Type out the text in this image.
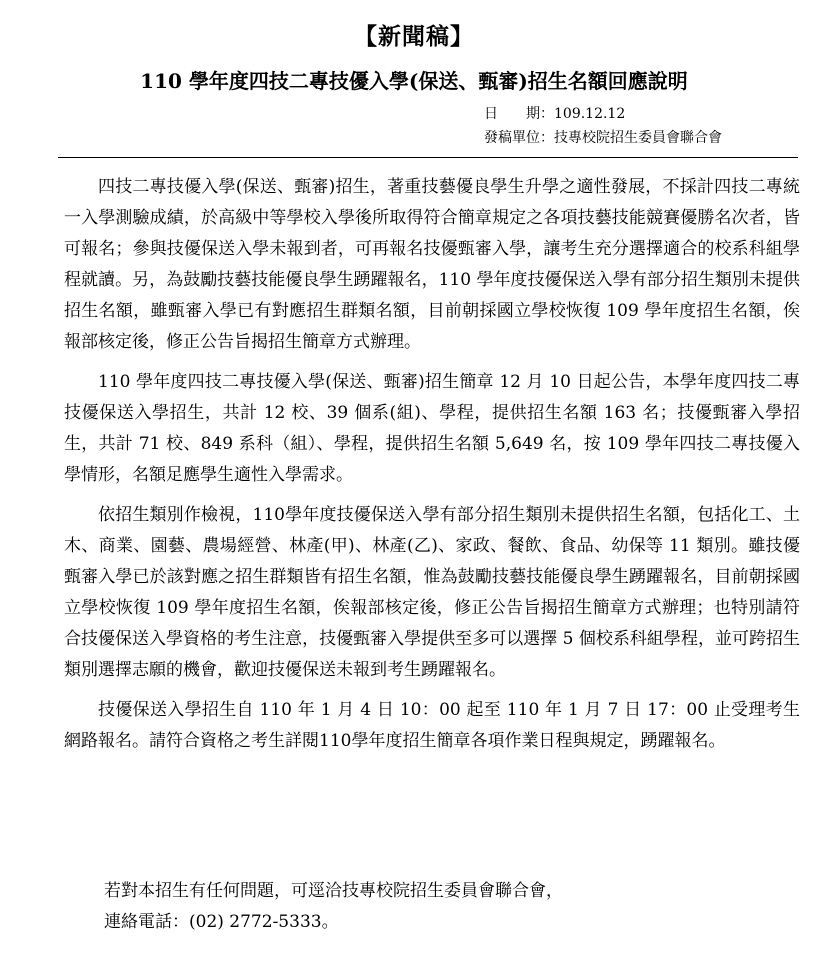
【新聞稿】
110 學年度四技二專技優入學(保送、甄審)招生名額回應說明
日　　期：109.12.12
發稿單位：技專校院招生委員會聯合會

四技二專技優入學(保送、甄審)招生，著重技藝優良學生升學之適性發展，不採計四技二專統一入學測驗成績，於高級中等學校入學後所取得符合簡章規定之各項技藝技能競賽優勝名次者，皆可報名；參與技優保送入學未報到者，可再報名技優甄審入學，讓考生充分選擇適合的校系科組學程就讀。另，為鼓勵技藝技能優良學生踴躍報名，110 學年度技優保送入學有部分招生類別未提供招生名額，雖甄審入學已有對應招生群類名額，目前朝採國立學校恢復 109 學年度招生名額，俟報部核定後，修正公告旨揭招生簡章方式辦理。

110 學年度四技二專技優入學(保送、甄審)招生簡章 12 月 10 日起公告，本學年度四技二專技優保送入學招生，共計 12 校、39 個系(組)、學程，提供招生名額 163 名；技優甄審入學招生，共計 71 校、849 系科（組）、學程，提供招生名額 5,649 名，按 109 學年四技二專技優入學情形，名額足應學生適性入學需求。

依招生類別作檢視，110學年度技優保送入學有部分招生類別未提供招生名額，包括化工、土木、商業、園藝、農場經營、林產(甲)、林產(乙)、家政、餐飲、食品、幼保等 11 類別。雖技優甄審入學已於該對應之招生群類皆有招生名額，惟為鼓勵技藝技能優良學生踴躍報名，目前朝採國立學校恢復 109 學年度招生名額，俟報部核定後，修正公告旨揭招生簡章方式辦理；也特別請符合技優保送入學資格的考生注意，技優甄審入學提供至多可以選擇 5 個校系科組學程，並可跨招生類別選擇志願的機會，歡迎技優保送未報到考生踴躍報名。

技優保送入學招生自 110 年 1 月 4 日 10：00 起至 110 年 1 月 7 日 17：00 止受理考生網路報名。請符合資格之考生詳閱110學年度招生簡章各項作業日程與規定，踴躍報名。

若對本招生有任何問題，可逕洽技專校院招生委員會聯合會，
連絡電話：(02) 2772-5333。
